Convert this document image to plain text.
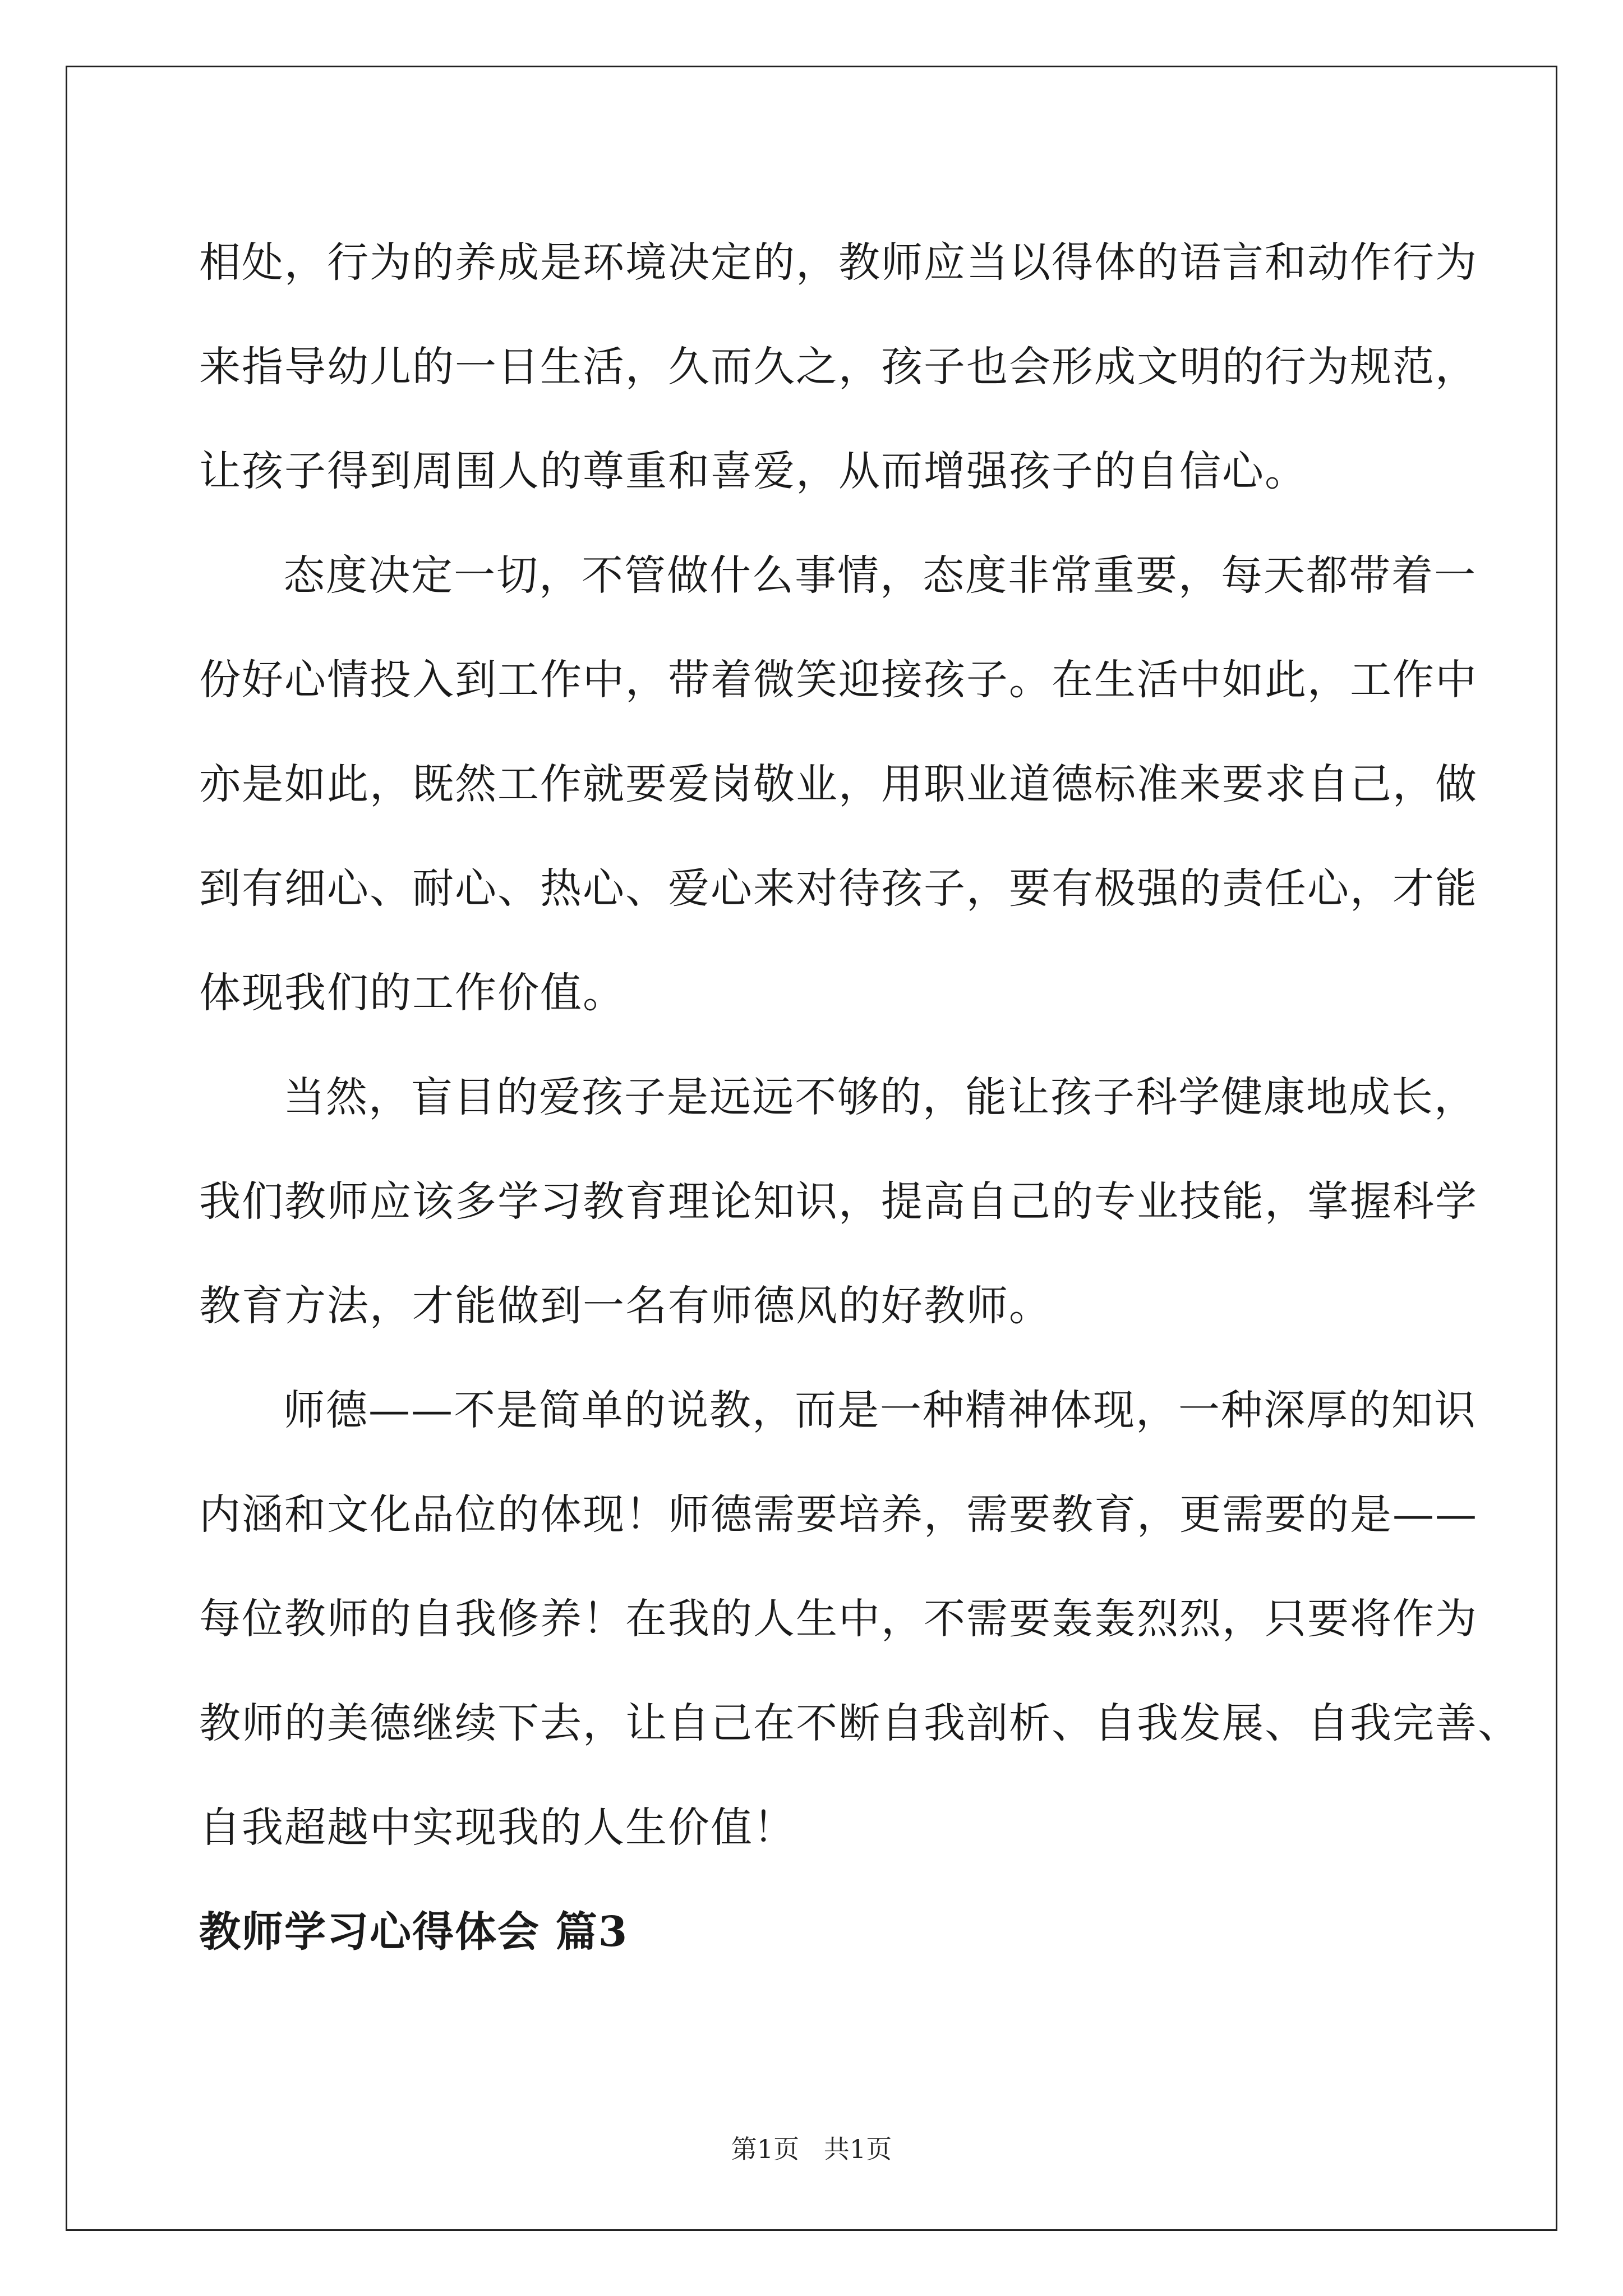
相处，行为的养成是环境决定的，教师应当以得体的语言和动作行为
来指导幼儿的一日生活，久而久之，孩子也会形成文明的行为规范，
让孩子得到周围人的尊重和喜爱，从而增强孩子的自信心。

态度决定一切，不管做什么事情，态度非常重要，每天都带着一
份好心情投入到工作中，带着微笑迎接孩子。在生活中如此，工作中
亦是如此，既然工作就要爱岗敬业，用职业道德标准来要求自己，做
到有细心、耐心、热心、爱心来对待孩子，要有极强的责任心，才能
体现我们的工作价值。

当然，盲目的爱孩子是远远不够的，能让孩子科学健康地成长，
我们教师应该多学习教育理论知识，提高自己的专业技能，掌握科学
教育方法，才能做到一名有师德风的好教师。

师德——不是简单的说教，而是一种精神体现，一种深厚的知识
内涵和文化品位的体现！师德需要培养，需要教育，更需要的是——
每位教师的自我修养！在我的人生中，不需要轰轰烈烈，只要将作为
教师的美德继续下去，让自己在不断自我剖析、自我发展、自我完善、
自我超越中实现我的人生价值！

教师学习心得体会 篇3
第1页   共1页
